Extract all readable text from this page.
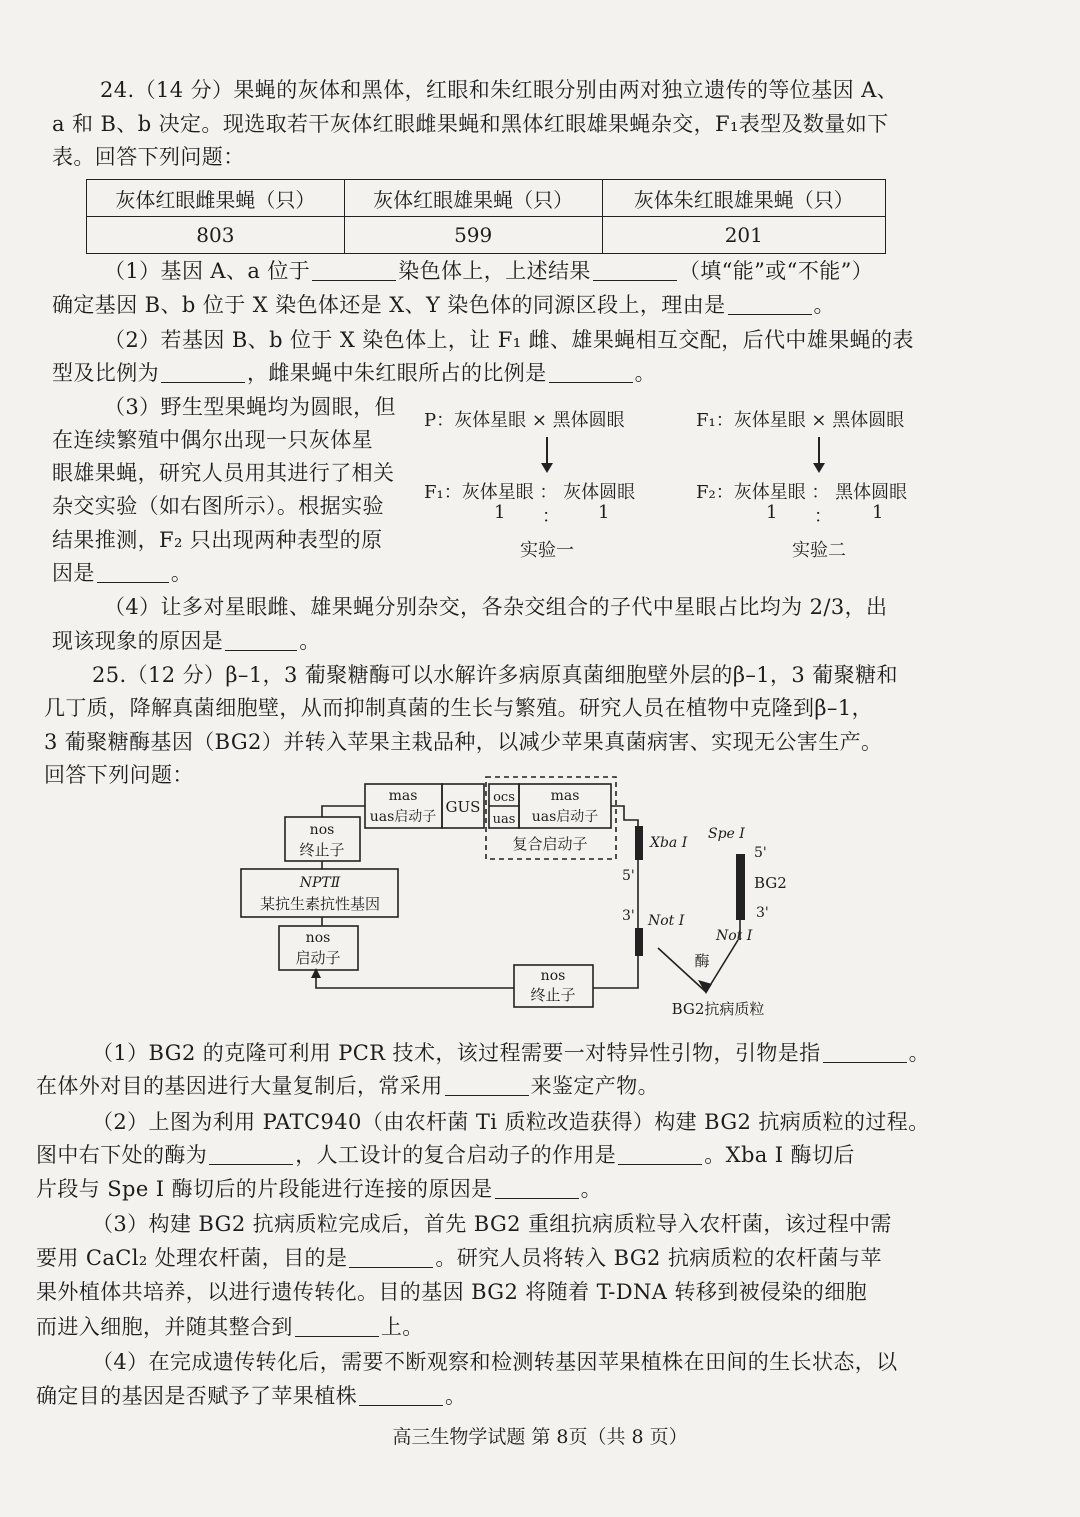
24.（14 分）果蝇的灰体和黑体，红眼和朱红眼分别由两对独立遗传的等位基因 A、
a 和 B、b 决定。现选取若干灰体红眼雌果蝇和黑体红眼雄果蝇杂交，F₁表型及数量如下
表。回答下列问题：
灰体红眼雌果蝇（只）	灰体红眼雄果蝇（只）	灰体朱红眼雄果蝇（只）
803	599	201
（1）基因 A、a 位于	染色体上，上述结果	（填“能”或“不能”）
确定基因 B、b 位于 X 染色体还是 X、Y 染色体的同源区段上，理由是	。
（2）若基因 B、b 位于 X 染色体上，让 F₁ 雌、雄果蝇相互交配，后代中雄果蝇的表
型及比例为	，雌果蝇中朱红眼所占的比例是	。
（3）野生型果蝇均为圆眼，但
在连续繁殖中偶尔出现一只灰体星
眼雄果蝇，研究人员用其进行了相关
杂交实验（如右图所示）。根据实验
结果推测，F₂ 只出现两种表型的原
因是	。
P：灰体星眼 × 黑体圆眼
F₁：灰体星眼 ： 灰体圆眼
1 ： 1
实验一
F₁：灰体星眼 × 黑体圆眼
F₂：灰体星眼 ： 黑体圆眼
1 ： 1
实验二
（4）让多对星眼雌、雄果蝇分别杂交，各杂交组合的子代中星眼占比均为 2/3，出
现该现象的原因是	。
25.（12 分）β–1，3 葡聚糖酶可以水解许多病原真菌细胞壁外层的β–1，3 葡聚糖和
几丁质，降解真菌细胞壁，从而抑制真菌的生长与繁殖。研究人员在植物中克隆到β–1，
3 葡聚糖酶基因（BG2）并转入苹果主栽品种，以减少苹果真菌病害、实现无公害生产。
回答下列问题：
mas
uas启动子
GUS
ocs
uas
mas
uas启动子
复合启动子
nos
终止子
NPTⅡ
某抗生素抗性基因
nos
启动子
nos
终止子
BG2抗病质粒
酶
Xba Ⅰ
Not Ⅰ
Spe Ⅰ
Not Ⅰ
5'
3'
5'
BG2
3'
（1）BG2 的克隆可利用 PCR 技术，该过程需要一对特异性引物，引物是指	。
在体外对目的基因进行大量复制后，常采用	来鉴定产物。
（2）上图为利用 PATC940（由农杆菌 Ti 质粒改造获得）构建 BG2 抗病质粒的过程。
图中右下处的酶为	，人工设计的复合启动子的作用是	。Xba Ⅰ 酶切后
片段与 Spe Ⅰ 酶切后的片段能进行连接的原因是	。
（3）构建 BG2 抗病质粒完成后，首先 BG2 重组抗病质粒导入农杆菌，该过程中需
要用 CaCl₂ 处理农杆菌，目的是	。研究人员将转入 BG2 抗病质粒的农杆菌与苹
果外植体共培养，以进行遗传转化。目的基因 BG2 将随着 T-DNA 转移到被侵染的细胞
而进入细胞，并随其整合到	上。
（4）在完成遗传转化后，需要不断观察和检测转基因苹果植株在田间的生长状态，以
确定目的基因是否赋予了苹果植株	。
高三生物学试题 第 8页（共 8 页）
